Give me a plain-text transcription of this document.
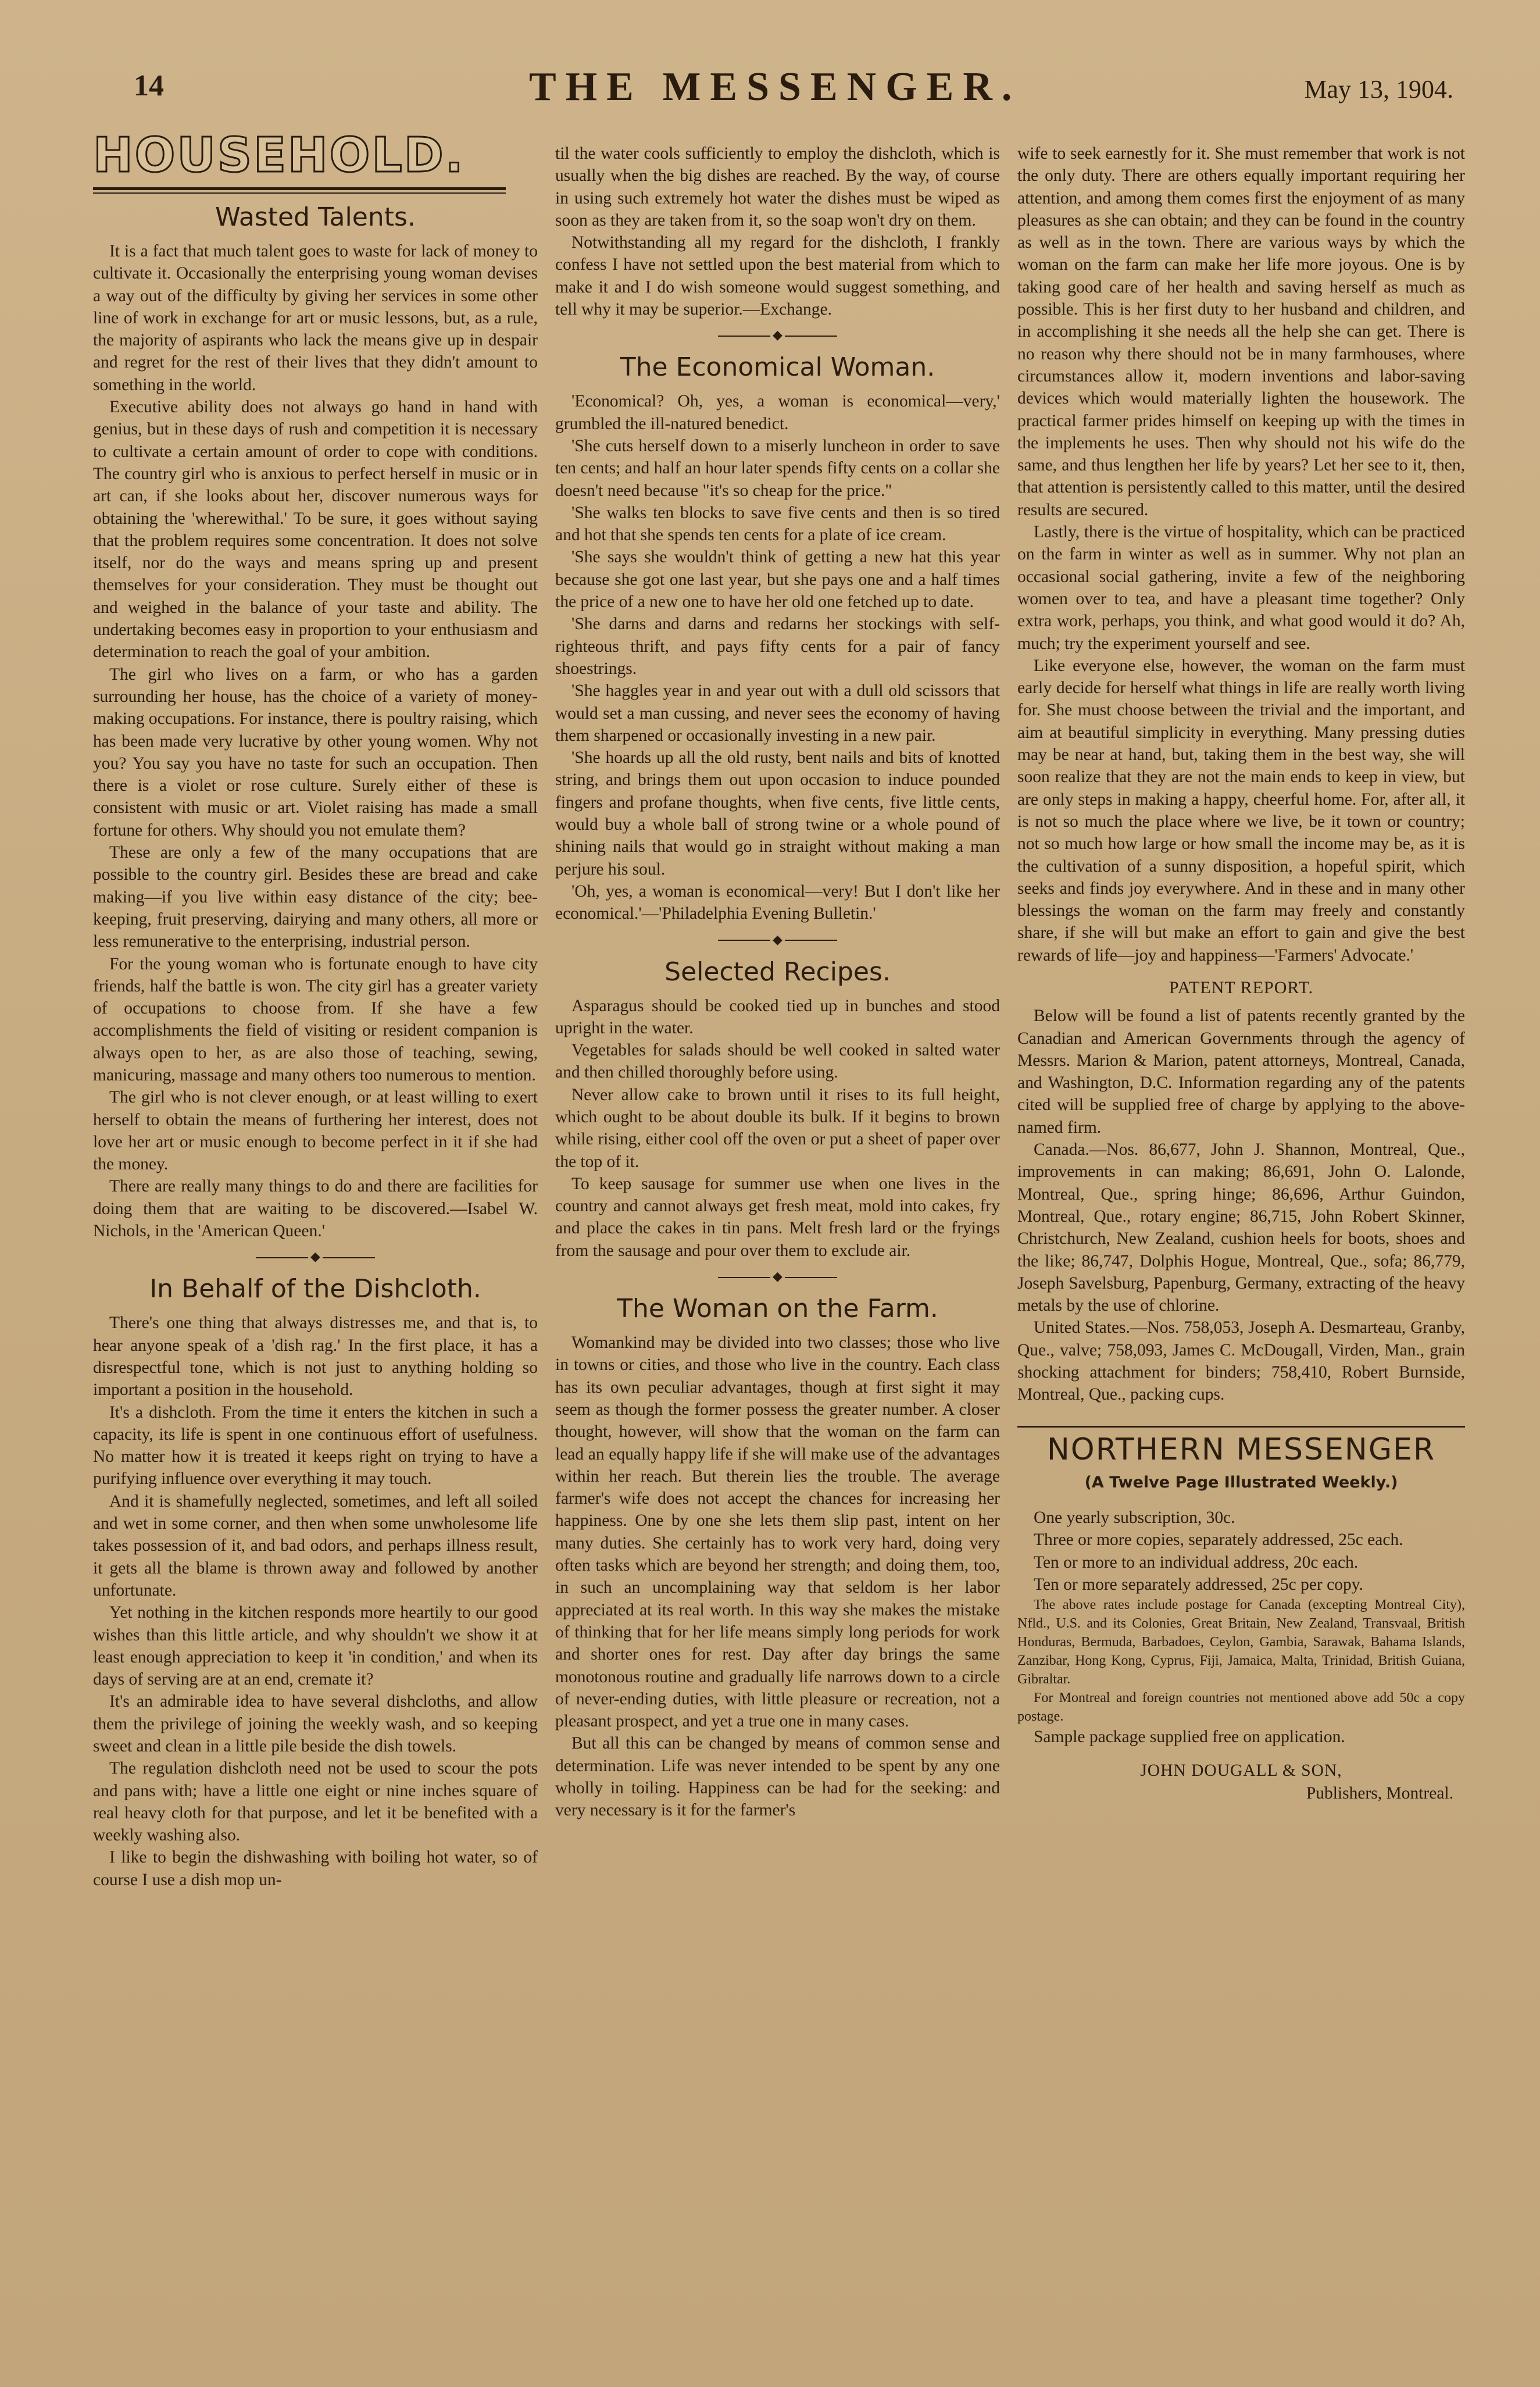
14	THE MESSENGER.	May 13, 1904.
HOUSEHOLD.
Wasted Talents.

It is a fact that much talent goes to waste for lack of money to cultivate it. Occasionally the enterprising young woman devises a way out of the difficulty by giving her services in some other line of work in exchange for art or music lessons, but, as a rule, the majority of aspirants who lack the means give up in despair and regret for the rest of their lives that they didn't amount to something in the world.

Executive ability does not always go hand in hand with genius, but in these days of rush and competition it is necessary to cultivate a certain amount of order to cope with conditions. The country girl who is anxious to perfect herself in music or in art can, if she looks about her, discover numerous ways for obtaining the 'wherewithal.' To be sure, it goes without saying that the problem requires some concentration. It does not solve itself, nor do the ways and means spring up and present themselves for your consideration. They must be thought out and weighed in the balance of your taste and ability. The undertaking becomes easy in proportion to your enthusiasm and determination to reach the goal of your ambition.

The girl who lives on a farm, or who has a garden surrounding her house, has the choice of a variety of money-making occupations. For instance, there is poultry raising, which has been made very lucrative by other young women. Why not you? You say you have no taste for such an occupation. Then there is a violet or rose culture. Surely either of these is consistent with music or art. Violet raising has made a small fortune for others. Why should you not emulate them?

These are only a few of the many occupations that are possible to the country girl. Besides these are bread and cake making—if you live within easy distance of the city; bee-keeping, fruit preserving, dairying and many others, all more or less remunerative to the enterprising, industrial person.

For the young woman who is fortunate enough to have city friends, half the battle is won. The city girl has a greater variety of occupations to choose from. If she have a few accomplishments the field of visiting or resident companion is always open to her, as are also those of teaching, sewing, manicuring, massage and many others too numerous to mention.

The girl who is not clever enough, or at least willing to exert herself to obtain the means of furthering her interest, does not love her art or music enough to become perfect in it if she had the money.

There are really many things to do and there are facilities for doing them that are waiting to be discovered.—Isabel W. Nichols, in the 'American Queen.'

◆
In Behalf of the Dishcloth.

There's one thing that always distresses me, and that is, to hear anyone speak of a 'dish rag.' In the first place, it has a disrespectful tone, which is not just to anything holding so important a position in the household.

It's a dishcloth. From the time it enters the kitchen in such a capacity, its life is spent in one continuous effort of usefulness. No matter how it is treated it keeps right on trying to have a purifying influence over everything it may touch.

And it is shamefully neglected, sometimes, and left all soiled and wet in some corner, and then when some unwholesome life takes possession of it, and bad odors, and perhaps illness result, it gets all the blame is thrown away and followed by another unfortunate.

Yet nothing in the kitchen responds more heartily to our good wishes than this little article, and why shouldn't we show it at least enough appreciation to keep it 'in condition,' and when its days of serving are at an end, cremate it?

It's an admirable idea to have several dishcloths, and allow them the privilege of joining the weekly wash, and so keeping sweet and clean in a little pile beside the dish towels.

The regulation dishcloth need not be used to scour the pots and pans with; have a little one eight or nine inches square of real heavy cloth for that purpose, and let it be benefited with a weekly washing also.

I like to begin the dishwashing with boiling hot water, so of course I use a dish mop un-

til the water cools sufficiently to employ the dishcloth, which is usually when the big dishes are reached. By the way, of course in using such extremely hot water the dishes must be wiped as soon as they are taken from it, so the soap won't dry on them.

Notwithstanding all my regard for the dishcloth, I frankly confess I have not settled upon the best material from which to make it and I do wish someone would suggest something, and tell why it may be superior.—Exchange.

◆
The Economical Woman.

'Economical? Oh, yes, a woman is economical—very,' grumbled the ill-natured benedict.

'She cuts herself down to a miserly luncheon in order to save ten cents; and half an hour later spends fifty cents on a collar she doesn't need because "it's so cheap for the price."

'She walks ten blocks to save five cents and then is so tired and hot that she spends ten cents for a plate of ice cream.

'She says she wouldn't think of getting a new hat this year because she got one last year, but she pays one and a half times the price of a new one to have her old one fetched up to date.

'She darns and darns and redarns her stockings with self-righteous thrift, and pays fifty cents for a pair of fancy shoestrings.

'She haggles year in and year out with a dull old scissors that would set a man cussing, and never sees the economy of having them sharpened or occasionally investing in a new pair.

'She hoards up all the old rusty, bent nails and bits of knotted string, and brings them out upon occasion to induce pounded fingers and profane thoughts, when five cents, five little cents, would buy a whole ball of strong twine or a whole pound of shining nails that would go in straight without making a man perjure his soul.

'Oh, yes, a woman is economical—very! But I don't like her economical.'—'Philadelphia Evening Bulletin.'

◆
Selected Recipes.

Asparagus should be cooked tied up in bunches and stood upright in the water.

Vegetables for salads should be well cooked in salted water and then chilled thoroughly before using.

Never allow cake to brown until it rises to its full height, which ought to be about double its bulk. If it begins to brown while rising, either cool off the oven or put a sheet of paper over the top of it.

To keep sausage for summer use when one lives in the country and cannot always get fresh meat, mold into cakes, fry and place the cakes in tin pans. Melt fresh lard or the fryings from the sausage and pour over them to exclude air.

◆
The Woman on the Farm.

Womankind may be divided into two classes; those who live in towns or cities, and those who live in the country. Each class has its own peculiar advantages, though at first sight it may seem as though the former possess the greater number. A closer thought, however, will show that the woman on the farm can lead an equally happy life if she will make use of the advantages within her reach. But therein lies the trouble. The average farmer's wife does not accept the chances for increasing her happiness. One by one she lets them slip past, intent on her many duties. She certainly has to work very hard, doing very often tasks which are beyond her strength; and doing them, too, in such an uncomplaining way that seldom is her labor appreciated at its real worth. In this way she makes the mistake of thinking that for her life means simply long periods for work and shorter ones for rest. Day after day brings the same monotonous routine and gradually life narrows down to a circle of never-ending duties, with little pleasure or recreation, not a pleasant prospect, and yet a true one in many cases.

But all this can be changed by means of common sense and determination. Life was never intended to be spent by any one wholly in toiling. Happiness can be had for the seeking: and very necessary is it for the farmer's

wife to seek earnestly for it. She must remember that work is not the only duty. There are others equally important requiring her attention, and among them comes first the enjoyment of as many pleasures as she can obtain; and they can be found in the country as well as in the town. There are various ways by which the woman on the farm can make her life more joyous. One is by taking good care of her health and saving herself as much as possible. This is her first duty to her husband and children, and in accomplishing it she needs all the help she can get. There is no reason why there should not be in many farmhouses, where circumstances allow it, modern inventions and labor-saving devices which would materially lighten the housework. The practical farmer prides himself on keeping up with the times in the implements he uses. Then why should not his wife do the same, and thus lengthen her life by years? Let her see to it, then, that attention is persistently called to this matter, until the desired results are secured.

Lastly, there is the virtue of hospitality, which can be practiced on the farm in winter as well as in summer. Why not plan an occasional social gathering, invite a few of the neighboring women over to tea, and have a pleasant time together? Only extra work, perhaps, you think, and what good would it do? Ah, much; try the experiment yourself and see.

Like everyone else, however, the woman on the farm must early decide for herself what things in life are really worth living for. She must choose between the trivial and the important, and aim at beautiful simplicity in everything. Many pressing duties may be near at hand, but, taking them in the best way, she will soon realize that they are not the main ends to keep in view, but are only steps in making a happy, cheerful home. For, after all, it is not so much the place where we live, be it town or country; not so much how large or how small the income may be, as it is the cultivation of a sunny disposition, a hopeful spirit, which seeks and finds joy everywhere. And in these and in many other blessings the woman on the farm may freely and constantly share, if she will but make an effort to gain and give the best rewards of life—joy and happiness—'Farmers' Advocate.'

PATENT REPORT.

Below will be found a list of patents recently granted by the Canadian and American Governments through the agency of Messrs. Marion & Marion, patent attorneys, Montreal, Canada, and Washington, D.C. Information regarding any of the patents cited will be supplied free of charge by applying to the above-named firm.

Canada.—Nos. 86,677, John J. Shannon, Montreal, Que., improvements in can making; 86,691, John O. Lalonde, Montreal, Que., spring hinge; 86,696, Arthur Guindon, Montreal, Que., rotary engine; 86,715, John Robert Skinner, Christchurch, New Zealand, cushion heels for boots, shoes and the like; 86,747, Dolphis Hogue, Montreal, Que., sofa; 86,779, Joseph Savelsburg, Papenburg, Germany, extracting of the heavy metals by the use of chlorine.

United States.—Nos. 758,053, Joseph A. Desmarteau, Granby, Que., valve; 758,093, James C. McDougall, Virden, Man., grain shocking attachment for binders; 758,410, Robert Burnside, Montreal, Que., packing cups.

NORTHERN MESSENGER
(A Twelve Page Illustrated Weekly.)

One yearly subscription, 30c.

Three or more copies, separately addressed, 25c each.

Ten or more to an individual address, 20c each.

Ten or more separately addressed, 25c per copy.

The above rates include postage for Canada (excepting Montreal City), Nfld., U.S. and its Colonies, Great Britain, New Zealand, Transvaal, British Honduras, Bermuda, Barbadoes, Ceylon, Gambia, Sarawak, Bahama Islands, Zanzibar, Hong Kong, Cyprus, Fiji, Jamaica, Malta, Trinidad, British Guiana, Gibraltar.

For Montreal and foreign countries not mentioned above add 50c a copy postage.

Sample package supplied free on application.

JOHN DOUGALL & SON,
Publishers, Montreal.
